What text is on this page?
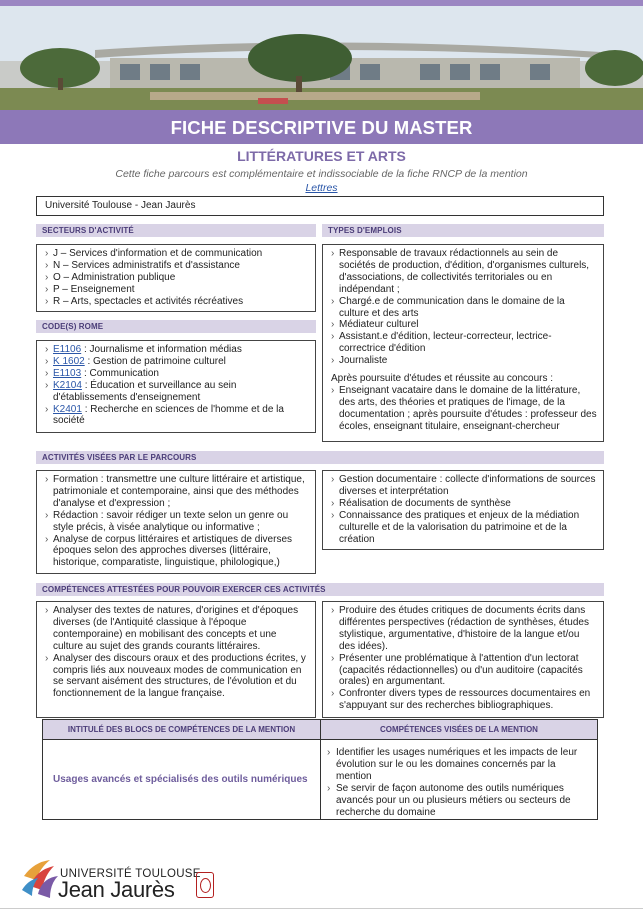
FICHE DESCRIPTIVE DU MASTER
LITTÉRATURES ET ARTS
Cette fiche parcours est complémentaire et indissociable de la fiche RNCP de la mention
Lettres
Université Toulouse - Jean Jaurès
SECTEURS D'ACTIVITÉ
› J – Services d'information et de communication
› N – Services administratifs et d'assistance
› O – Administration publique
› P – Enseignement
› R – Arts, spectacles et activités récréatives
CODE(S) ROME
› E1106 : Journalisme et information médias
› K 1602 : Gestion de patrimoine culturel
› E1103 : Communication
› K2104 : Éducation et surveillance au sein d'établissements d'enseignement
› K2401 : Recherche en sciences de l'homme et de la société
TYPES D'EMPLOIS
› Responsable de travaux rédactionnels au sein de sociétés de production, d'édition, d'organismes culturels, d'associations, de collectivités territoriales ou en indépendant ;
› Chargé.e de communication dans le domaine de la culture et des arts
› Médiateur culturel
› Assistant.e d'édition, lecteur-correcteur, lectrice-correctrice d'édition
› Journaliste

Après poursuite d'études et réussite au concours :

› Enseignant vacataire dans le domaine de la littérature, des arts, des théories et pratiques de l'image, de la documentation ; après poursuite d'études : professeur des écoles, enseignant titulaire, enseignant-chercheur
ACTIVITÉS VISÉES PAR LE PARCOURS
› Formation : transmettre une culture littéraire et artistique, patrimoniale et contemporaine, ainsi que des méthodes d'analyse et d'expression ;
› Rédaction : savoir rédiger un texte selon un genre ou style précis, à visée analytique ou informative ;
› Analyse de corpus littéraires et artistiques de diverses époques selon des approches diverses (littéraire, historique, comparatiste, linguistique, philologique,)
› Gestion documentaire : collecte d'informations de sources diverses et interprétation
› Réalisation de documents de synthèse
› Connaissance des pratiques et enjeux de la médiation culturelle et de la valorisation du patrimoine et de la création
COMPÉTENCES ATTESTÉES POUR POUVOIR EXERCER CES ACTIVITÉS
› Analyser des textes de natures, d'origines et d'époques diverses (de l'Antiquité classique à l'époque contemporaine) en mobilisant des concepts et une culture au sujet des grands courants littéraires.
› Analyser des discours oraux et des productions écrites, y compris liés aux nouveaux modes de communication en se servant aisément des structures, de l'évolution et du fonctionnement de la langue française.
› Produire des études critiques de documents écrits dans différentes perspectives (rédaction de synthèses, études stylistique, argumentative, d'histoire de la langue et/ou des idées).
› Présenter une problématique à l'attention d'un lectorat (capacités rédactionnelles) ou d'un auditoire (capacités orales) en argumentant.
› Confronter divers types de ressources documentaires en s'appuyant sur des recherches bibliographiques.
INTITULÉ DES BLOCS DE COMPÉTENCES DE LA MENTION	COMPÉTENCES VISÉES DE LA MENTION
Usages avancés et spécialisés des outils numériques
› Identifier les usages numériques et les impacts de leur évolution sur le ou les domaines concernés par la mention
› Se servir de façon autonome des outils numériques avancés pour un ou plusieurs métiers ou secteurs de recherche du domaine
UNIVERSITÉ TOULOUSE
Jean Jaurès
